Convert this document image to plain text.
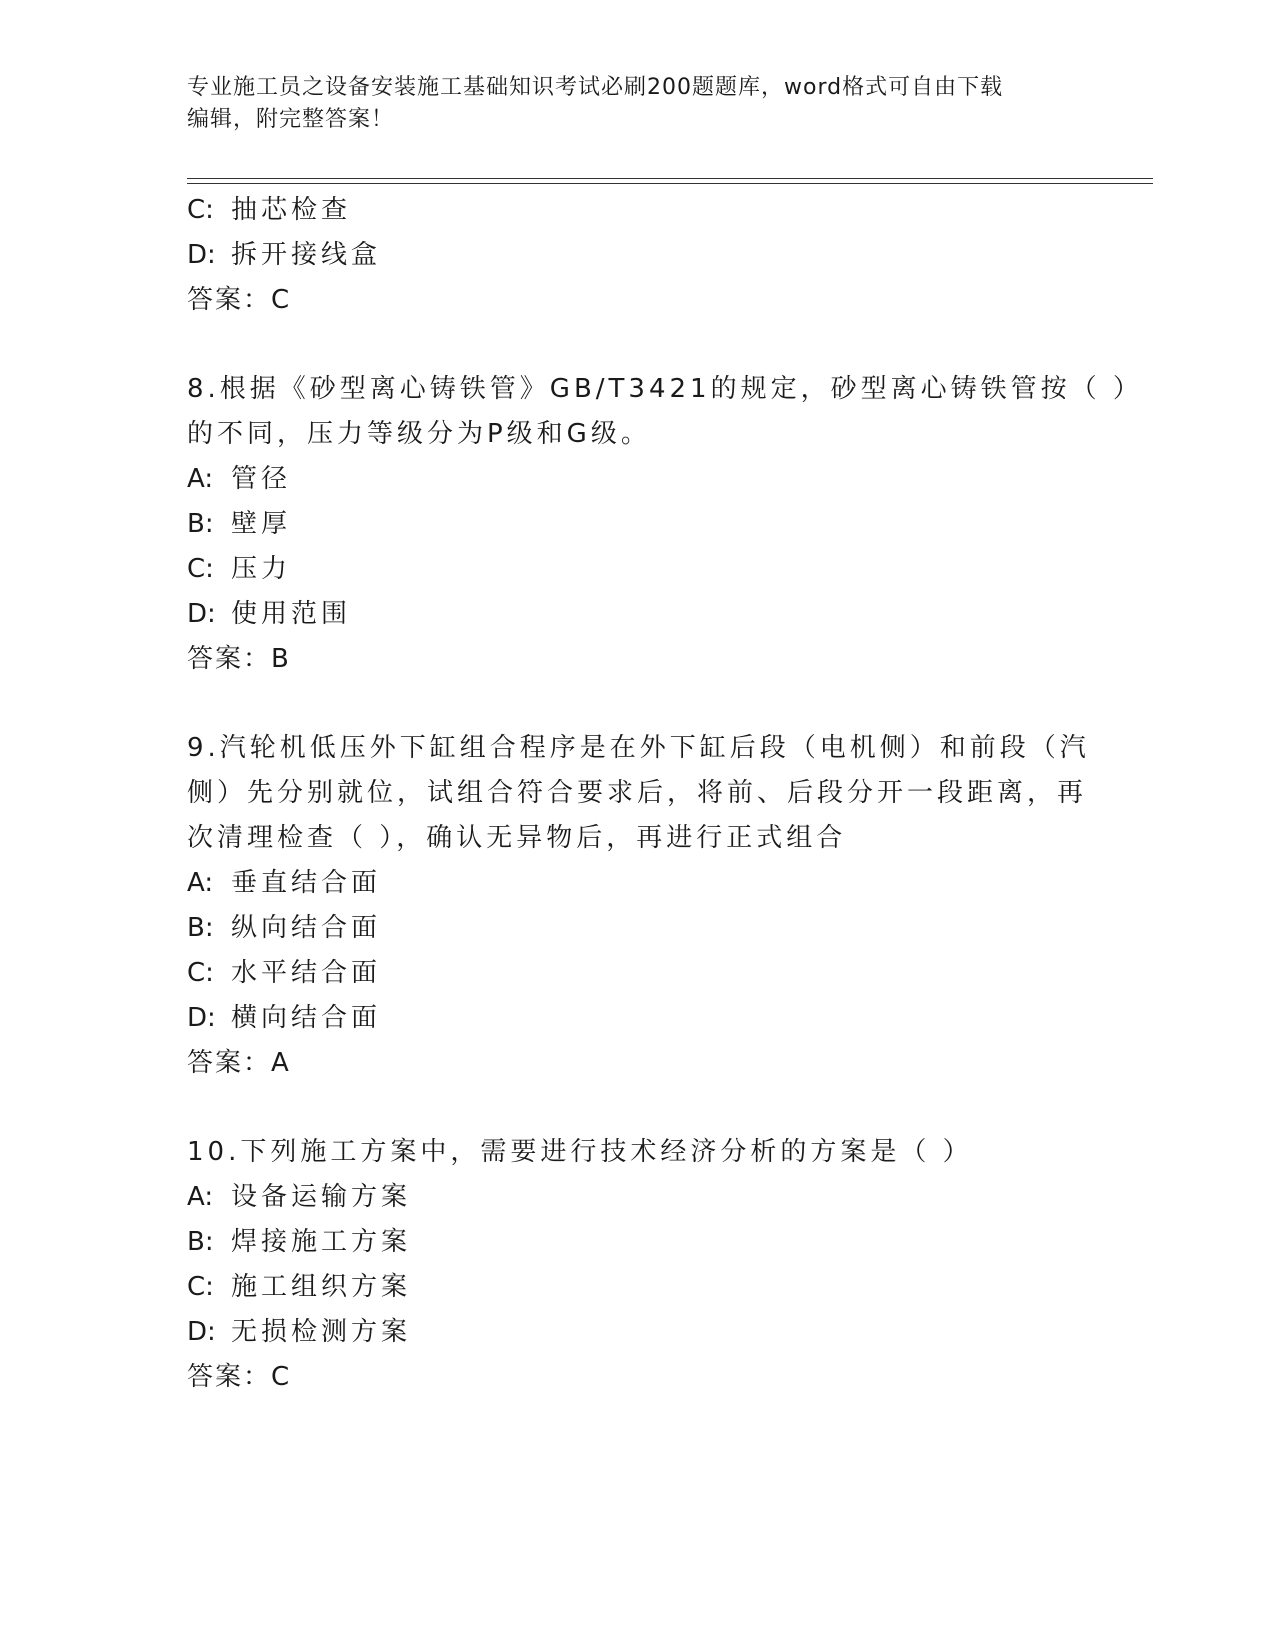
专业施工员之设备安装施工基础知识考试必刷200题题库，word格式可自由下载
编辑，附完整答案！
C: 抽芯检查
D: 拆开接线盒
答案：C
8.根据《砂型离心铸铁管》GB/T3421的规定，砂型离心铸铁管按（ ）
的不同，压力等级分为P级和G级。
A: 管径
B: 壁厚
C: 压力
D: 使用范围
答案：B
9.汽轮机低压外下缸组合程序是在外下缸后段（电机侧）和前段（汽
侧）先分别就位，试组合符合要求后，将前、后段分开一段距离，再
次清理检查（ ），确认无异物后，再进行正式组合
A: 垂直结合面
B: 纵向结合面
C: 水平结合面
D: 横向结合面
答案：A
10.下列施工方案中，需要进行技术经济分析的方案是（ ）
A: 设备运输方案
B: 焊接施工方案
C: 施工组织方案
D: 无损检测方案
答案：C
